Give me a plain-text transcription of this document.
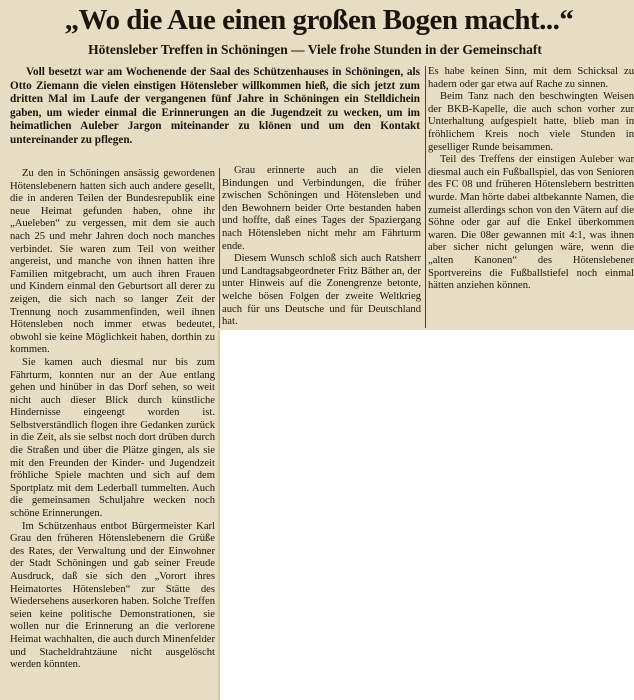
„Wo die Aue einen großen Bogen macht...“
Hötensleber Treffen in Schöningen — Viele frohe Stunden in der Gemeinschaft

Voll besetzt war am Wochenende der Saal des Schützenhauses in Schöningen, als Otto Ziemann die vielen einstigen Hötensleber willkommen hieß, die sich jetzt zum dritten Mal im Laufe der vergangenen fünf Jahre in Schöningen ein Stelldichein gaben, um wieder einmal die Erinnerungen an die Jugendzeit zu wecken, um im heimatlichen Auleber Jargon miteinander zu klönen und um den Kontakt untereinander zu pflegen.

Zu den in Schöningen ansässig gewordenen Hötenslebenern hatten sich auch andere gesellt, die in anderen Teilen der Bundesrepublik eine neue Heimat gefunden haben, ohne ihr „Aueleben“ zu vergessen, mit dem sie auch nach 25 und mehr Jahren doch noch manches verbindet. Sie waren zum Teil von weither angereist, und manche von ihnen hatten ihre Familien mitgebracht, um auch ihren Frauen und Kindern einmal den Geburtsort all derer zu zeigen, die sich nach so langer Zeit der Trennung noch zusammenfinden, weil ihnen Hötensleben noch immer etwas bedeutet, obwohl sie keine Möglichkeit haben, dorthin zu kommen.

Sie kamen auch diesmal nur bis zum Fährturm, konnten nur an der Aue entlang gehen und hinüber in das Dorf sehen, so weit nicht auch dieser Blick durch künstliche Hindernisse eingeengt worden ist. Selbstverständlich flogen ihre Gedanken zurück in die Zeit, als sie selbst noch dort drüben durch die Straßen und über die Plätze gingen, als sie mit den Freunden der Kinder- und Jugendzeit fröhliche Spiele machten und sich auf dem Sportplatz mit dem Lederball tummelten. Auch die gemeinsamen Schuljahre wecken noch schöne Erinnerungen.

Im Schützenhaus entbot Bürgermeister Karl Grau den früheren Hötenslebenern die Grüße des Rates, der Verwaltung und der Einwohner der Stadt Schöningen und gab seiner Freude Ausdruck, daß sie sich den „Vorort ihres Heimatortes Hötensleben“ zur Stätte des Wiedersehens auserkoren haben. Solche Treffen seien keine politische Demonstrationen, sie wollen nur die Erinnerung an die verlorene Heimat wachhalten, die auch durch Minenfelder und Stacheldrahtzäune nicht ausgelöscht werden könnten.

Grau erinnerte auch an die vielen Bindungen und Verbindungen, die früher zwischen Schöningen und Hötensleben und den Bewohnern beider Orte bestanden haben und hoffte, daß eines Tages der Spaziergang nach Hötensleben nicht mehr am Fährturm ende.

Diesem Wunsch schloß sich auch Ratsherr und Landtagsabgeordneter Fritz Bäther an, der unter Hinweis auf die Zonengrenze betonte, welche bösen Folgen der zweite Weltkrieg auch für uns Deutsche und für Deutschland hat.

Es habe keinen Sinn, mit dem Schicksal zu hadern oder gar etwa auf Rache zu sinnen.

Beim Tanz nach den beschwingten Weisen der BKB-Kapelle, die auch schon vorher zur Unterhaltung aufgespielt hatte, blieb man in fröhlichem Kreis noch viele Stunden in geselliger Runde beisammen.

Teil des Treffens der einstigen Auleber war diesmal auch ein Fußballspiel, das von Senioren des FC 08 und früheren Hötenslebern bestritten wurde. Man hörte dabei altbekannte Namen, die zumeist allerdings schon von den Vätern auf die Söhne oder gar auf die Enkel überkommen waren. Die 08er gewannen mit 4:1, was ihnen aber sicher nicht gelungen wäre, wenn die „alten Kanonen“ des Hötenslebener Sportvereins die Fußballstiefel noch einmal hätten anziehen können.
